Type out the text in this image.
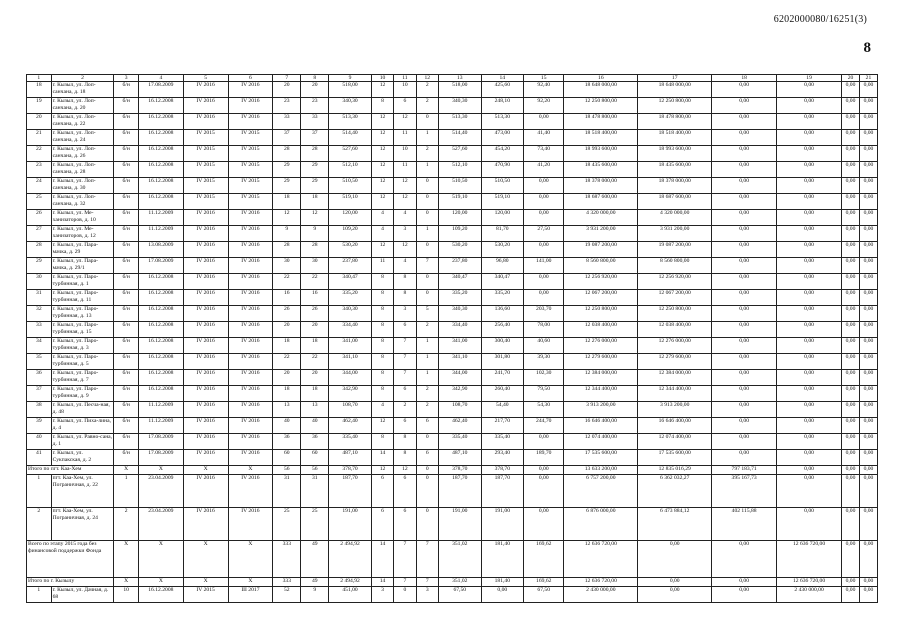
6202000080/16251(3)
8
1	2	3	4	5	6	7	8	9	10	11	12	13	14	15	16	17	18	19	20	21
18	г. Кызыл, ул. Лоп-санчана, д. 18	б/н	17.08.2009	IV 2016	IV 2016	20	20	518,00	12	10	2	518,00	425,60	92,40	18 648 000,00	18 648 000,00	0,00	0,00	0,00	0,00
19	г. Кызыл, ул. Лоп-санчана, д. 20	б/н	16.12.2008	IV 2016	IV 2016	23	23	340,30	8	6	2	340,30	248,10	92,20	12 250 800,00	12 250 800,00	0,00	0,00	0,00	0,00
20	г. Кызыл, ул. Лоп-санчана, д. 22	б/н	16.12.2008	IV 2016	IV 2016	33	33	513,30	12	12	0	513,30	513,30	0,00	18 478 800,00	18 478 800,00	0,00	0,00	0,00	0,00
21	г. Кызыл, ул. Лоп-санчана, д. 24	б/н	16.12.2008	IV 2015	IV 2015	37	37	514,40	12	11	1	514,40	473,00	41,40	18 518 400,00	18 518 400,00	0,00	0,00	0,00	0,00
22	г. Кызыл, ул. Лоп-санчана, д. 26	б/н	16.12.2008	IV 2015	IV 2015	28	28	527,60	12	10	2	527,60	454,20	73,40	18 993 600,00	18 993 600,00	0,00	0,00	0,00	0,00
23	г. Кызыл, ул. Лоп-санчана, д. 28	б/н	16.12.2008	IV 2015	IV 2015	29	29	512,10	12	11	1	512,10	470,90	41,20	18 435 600,00	18 435 600,00	0,00	0,00	0,00	0,00
24	г. Кызыл, ул. Лоп-санчана, д. 30	б/н	16.12.2008	IV 2015	IV 2015	29	29	510,50	12	12	0	510,50	510,50	0,00	18 378 000,00	18 378 000,00	0,00	0,00	0,00	0,00
25	г. Кызыл, ул. Лоп-санчана, д. 32	б/н	16.12.2008	IV 2015	IV 2015	18	18	519,10	12	12	0	519,10	519,10	0,00	18 687 600,00	18 687 600,00	0,00	0,00	0,00	0,00
26	г. Кызыл, ул. Ме-ханизаторов, д. 10	б/н	11.12.2009	IV 2016	IV 2016	12	12	120,00	4	4	0	120,00	120,00	0,00	4 320 000,00	4 320 000,00	0,00	0,00	0,00	0,00
27	г. Кызыл, ул. Ме-ханизаторов, д. 12	б/н	11.12.2009	IV 2016	IV 2016	9	9	109,20	4	3	1	109,20	81,70	27,50	3 931 200,00	3 931 200,00	0,00	0,00	0,00	0,00
28	г. Кызыл, ул. Пара-мачка, д. 29	б/н	13.08.2009	IV 2016	IV 2016	28	28	530,20	12	12	0	530,20	530,20	0,00	19 087 200,00	19 087 200,00	0,00	0,00	0,00	0,00
29	г. Кызыл, ул. Пара-мачка, д. 29/1	б/н	17.08.2009	IV 2016	IV 2016	30	30	237,80	11	4	7	237,80	96,80	141,00	8 560 800,00	8 560 800,00	0,00	0,00	0,00	0,00
30	г. Кызыл, ул. Паро-турбинная, д. 1	б/н	16.12.2008	IV 2016	IV 2016	22	22	340,47	8	8	0	340,47	340,47	0,00	12 256 920,00	12 256 920,00	0,00	0,00	0,00	0,00
31	г. Кызыл, ул. Паро-турбинная, д. 11	б/н	16.12.2008	IV 2016	IV 2016	16	16	335,20	8	8	0	335,20	335,20	0,00	12 067 200,00	12 067 200,00	0,00	0,00	0,00	0,00
32	г. Кызыл, ул. Паро-турбинная, д. 13	б/н	16.12.2008	IV 2016	IV 2016	26	26	340,30	8	3	5	340,30	136,60	203,70	12 250 800,00	12 250 800,00	0,00	0,00	0,00	0,00
33	г. Кызыл, ул. Паро-турбинная, д. 15	б/н	16.12.2008	IV 2016	IV 2016	20	20	334,40	8	6	2	334,40	256,40	78,00	12 038 400,00	12 038 400,00	0,00	0,00	0,00	0,00
34	г. Кызыл, ул. Паро-турбинная, д. 3	б/н	16.12.2008	IV 2016	IV 2016	18	18	341,00	8	7	1	341,00	300,40	40,60	12 276 000,00	12 276 000,00	0,00	0,00	0,00	0,00
35	г. Кызыл, ул. Паро-турбинная, д. 5	б/н	16.12.2008	IV 2016	IV 2016	22	22	341,10	8	7	1	341,10	301,80	39,30	12 279 600,00	12 279 600,00	0,00	0,00	0,00	0,00
36	г. Кызыл, ул. Паро-турбинная, д. 7	б/н	16.12.2008	IV 2016	IV 2016	20	20	344,00	8	7	1	344,00	241,70	102,30	12 384 000,00	12 384 000,00	0,00	0,00	0,00	0,00
37	г. Кызыл, ул. Паро-турбинная, д. 9	б/н	16.12.2008	IV 2016	IV 2016	18	18	342,90	8	6	2	342,90	260,40	79,50	12 344 400,00	12 344 400,00	0,00	0,00	0,00	0,00
38	г. Кызыл, ул. Песча-ная, д. 48	б/н	11.12.2009	IV 2016	IV 2016	13	13	108,70	4	2	2	108,70	54,40	54,30	3 913 200,00	3 913 200,00	0,00	0,00	0,00	0,00
39	г. Кызыл, ул. Пиха-лина, д. 4	б/н	11.12.2009	IV 2016	IV 2016	40	40	462,40	12	6	6	462,40	217,70	244,70	16 646 400,00	16 646 400,00	0,00	0,00	0,00	0,00
40	г. Кызыл, ул. Равно-сана, д. 1	б/н	17.08.2009	IV 2016	IV 2016	36	36	335,40	8	8	0	335,40	335,40	0,00	12 074 400,00	12 074 400,00	0,00	0,00	0,00	0,00
41	г. Кызыл, ул. Сукпакская, д. 2	б/н	17.08.2009	IV 2016	IV 2016	60	60	487,10	14	8	6	487,10	293,40	189,70	17 535 600,00	17 535 600,00	0,00	0,00	0,00	0,00
Итого по пгт. Каа-Хем		X	X	X	X	56	56	378,70	12	12	0	378,70	378,70	0,00	13 633 200,00	12 835 016,29	797 183,71	0,00	0,00	0,00
1	пгт. Каа-Хем, ул. Пограничная, д. 22	1	23.04.2009	IV 2016	IV 2016	31	31	187,70	6	6	0	187,70	187,70	0,00	6 757 200,00	6 362 032,27	395 167,73	0,00	0,00	0,00
2	пгт. Каа-Хем, ул. Пограничная, д. 24	2	23.04.2009	IV 2016	IV 2016	25	25	191,00	6	6	0	191,00	191,00	0,00	6 876 000,00	6 473 884,12	402 115,88	0,00	0,00	0,00
Всего по этапу 2015 года без финансовой поддержки Фонда		X	X	X	X	333	49	2 494,92	14	7	7	351,02	181,40	169,62	12 636 720,00	0,00	0,00	12 636 720,00	0,00	0,00
Итого по г. Кызылу		X	X	X	X	333	49	2 494,92	14	7	7	351,02	181,40	169,62	12 636 720,00	0,00	0,00	12 636 720,00	0,00	0,00
1	г. Кызыл, ул. Дачная, д. 68	10	16.12.2008	IV 2015	III 2017	52	9	451,00	3	0	3	67,50	0,00	67,50	2 430 000,00	0,00	0,00	2 430 000,00	0,00	0,00
